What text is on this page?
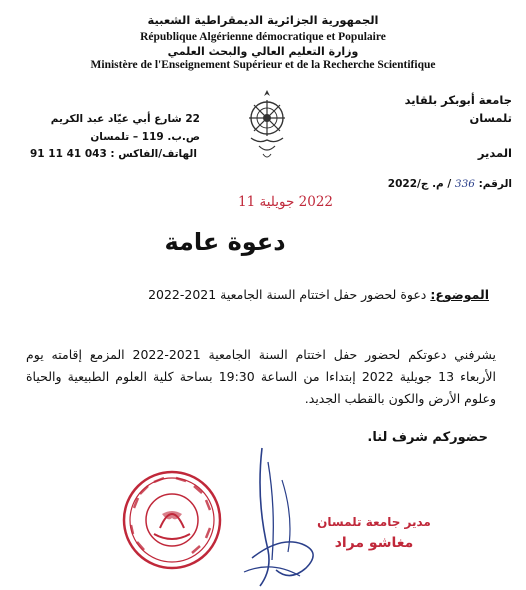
الجمهورية الجزائرية الديمقراطية الشعبية
République Algérienne démocratique et Populaire
وزارة التعليم العالي والبحث العلمي
Ministère de l'Enseignement Supérieur et de la Recherche Scientifique
22 شارع أبي عيّاد عبد الكريم
ص.ب. 119 – تلمسان
الهاتف/الفاكس : 043 41 11 91
جامعة أبوبكر بلقايد
تلمسان
المدير
الرقم: 336 / م. ج/2022
2022 جويلية 11
دعوة عامة
الموضوع: دعوة لحضور حفل اختتام السنة الجامعية 2021-2022
يشرفني دعوتكم لحضور حفل اختتام السنة الجامعية 2021-2022 المزمع إقامته يوم الأربعاء 13 جويلية 2022 إبتداءا من الساعة 19:30 بساحة كلية العلوم الطبيعية والحياة وعلوم الأرض والكون بالقطب الجديد.
حضوركم شرف لنا.
مدير جامعة تلمسان
مغاشو مراد
